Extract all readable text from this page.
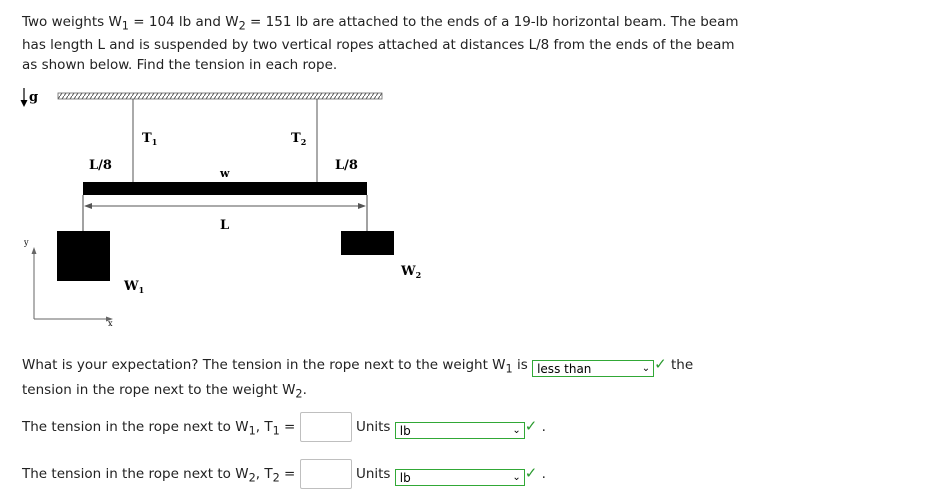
Two weights $W_1 = 104$ lb and $W_2 = 151$ lb are attached to the ends of a 19-lb horizontal beam. The beam has length L and is suspended by two vertical ropes attached at distances L/8 from the ends of the beam as shown below. Find the tension in each rope.
g
$T_1$	$T_2$
L/8	L/8
w
L
$W_1$
$W_2$
y
x
What is your expectation? The tension in the rope next to the weight $W_1$ is less than	⌄ ✓ the
tension in the rope next to the weight $W_2$.
The tension in the rope next to $W_1$, $T_1$ =	Units lb	⌄ ✓ .
The tension in the rope next to $W_2$, $T_2$ =	Units lb	⌄ ✓ .
